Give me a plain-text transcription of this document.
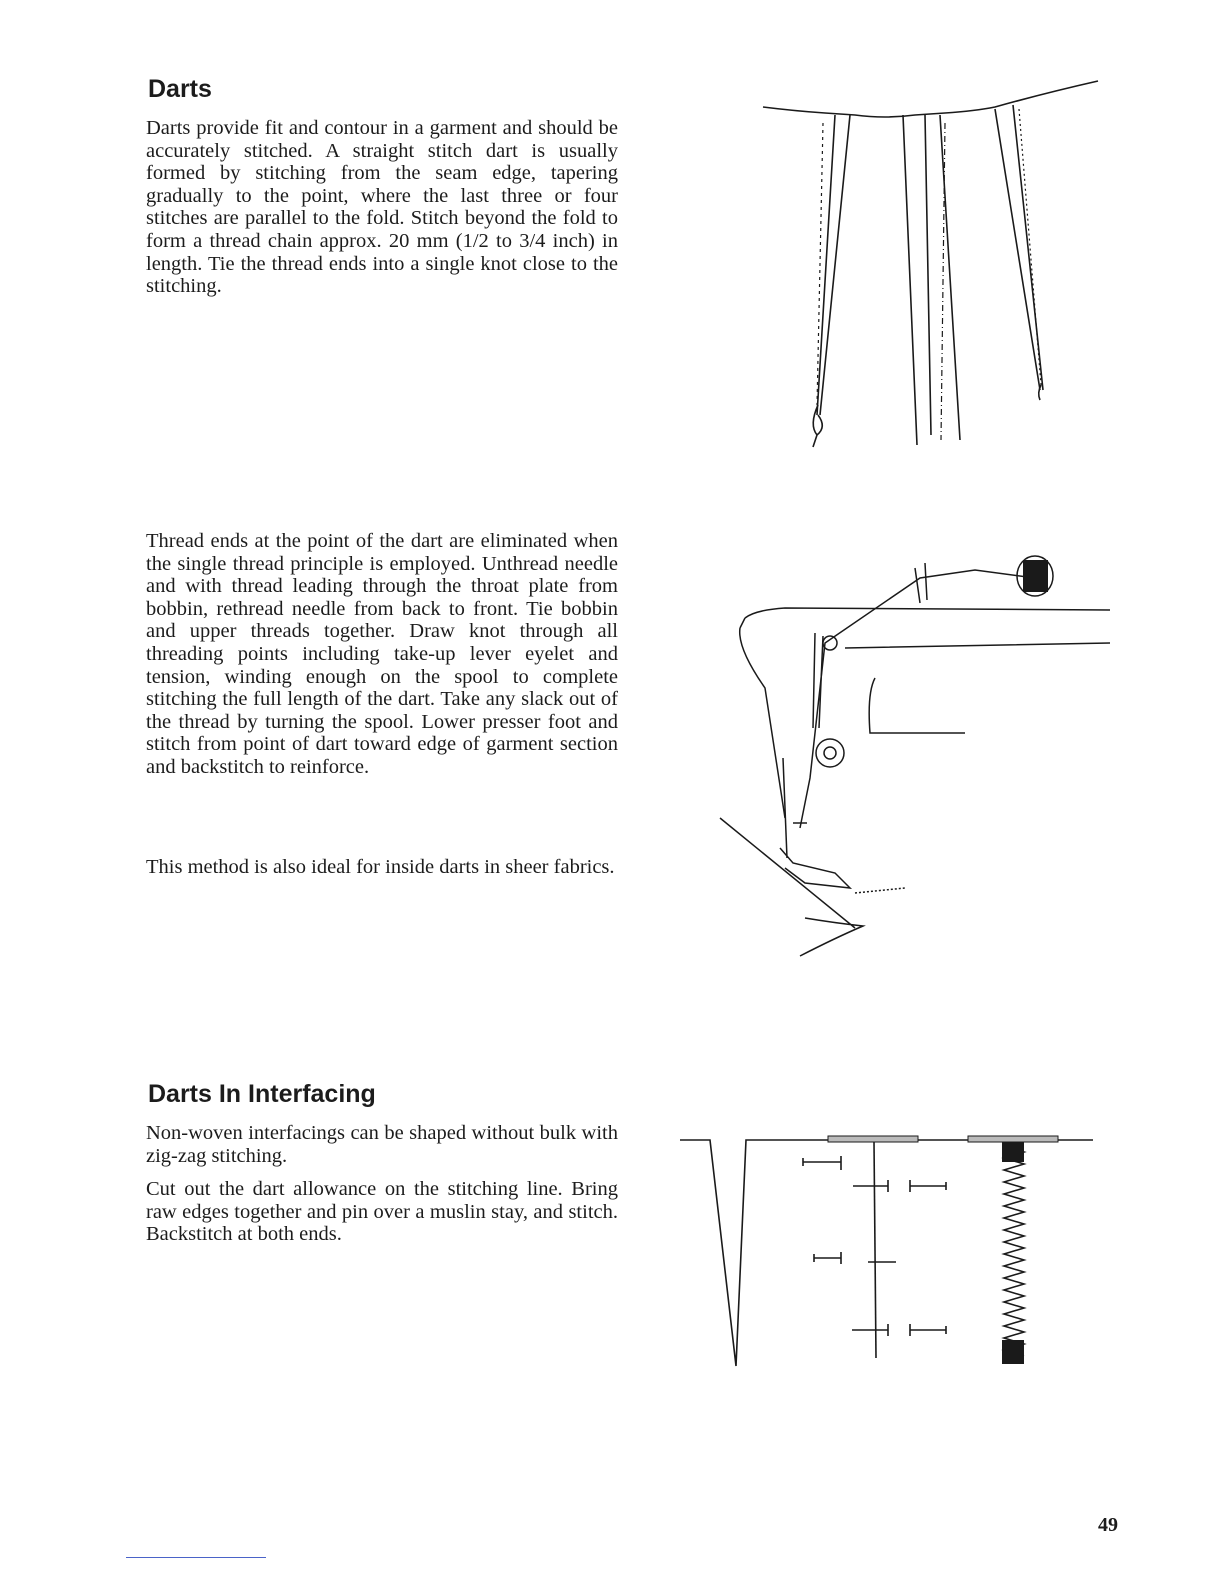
Darts

Darts provide fit and contour in a garment and should be accurately stitched. A straight stitch dart is usually formed by stitching from the seam edge, tapering gradually to the point, where the last three or four stitches are parallel to the fold. Stitch beyond the fold to form a thread chain approx. 20 mm (1/2 to 3/4 inch) in length. Tie the thread ends into a single knot close to the stitching.

Thread ends at the point of the dart are eliminated when the single thread principle is employed. Unthread needle and with thread leading through the throat plate from bobbin, rethread needle from back to front. Tie bobbin and upper threads together. Draw knot through all threading points including take-up lever eyelet and tension, winding enough on the spool to complete stitching the full length of the dart. Take any slack out of the thread by turning the spool. Lower presser foot and stitch from point of dart toward edge of garment section and backstitch to reinforce.

This method is also ideal for inside darts in sheer fabrics.

Darts In Interfacing

Non-woven interfacings can be shaped without bulk with zig-zag stitching.

Cut out the dart allowance on the stitching line. Bring raw edges together and pin over a muslin stay, and stitch. Backstitch at both ends.

49
